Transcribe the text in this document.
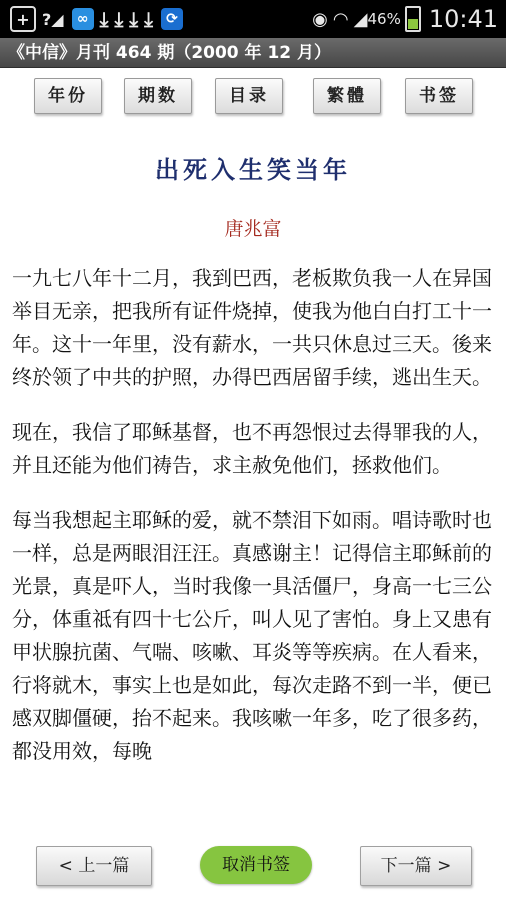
+ ?◢ ∞ ⤓ ⤓ ⤓ ⤓ ⟳	◉ ◠ ◢ 46% 10:41
《中信》月刊 464 期（2000 年 12 月）
年份	期数	目录	繁體	书签
出死入生笑当年
唐兆富

一九七八年十二月，我到巴西，老板欺负我一人在异国举目无亲，把我所有证件烧掉，使我为他白白打工十一年。这十一年里，没有薪水，一共只休息过三天。後来终於领了中共的护照，办得巴西居留手续，逃出生天。

现在，我信了耶稣基督，也不再怨恨过去得罪我的人，并且还能为他们祷告，求主赦免他们，拯救他们。

每当我想起主耶稣的爱，就不禁泪下如雨。唱诗歌时也一样，总是两眼泪汪汪。真感谢主！记得信主耶稣前的光景，真是吓人，当时我像一具活僵尸，身高一七三公分，体重祗有四十七公斤，叫人见了害怕。身上又患有甲状腺抗菌、气喘、咳嗽、耳炎等等疾病。在人看来，行将就木，事实上也是如此，每次走路不到一半，便已感双脚僵硬，抬不起来。我咳嗽一年多，吃了很多药，都没用效，每晚

< 上一篇	取消书签	下一篇 >
